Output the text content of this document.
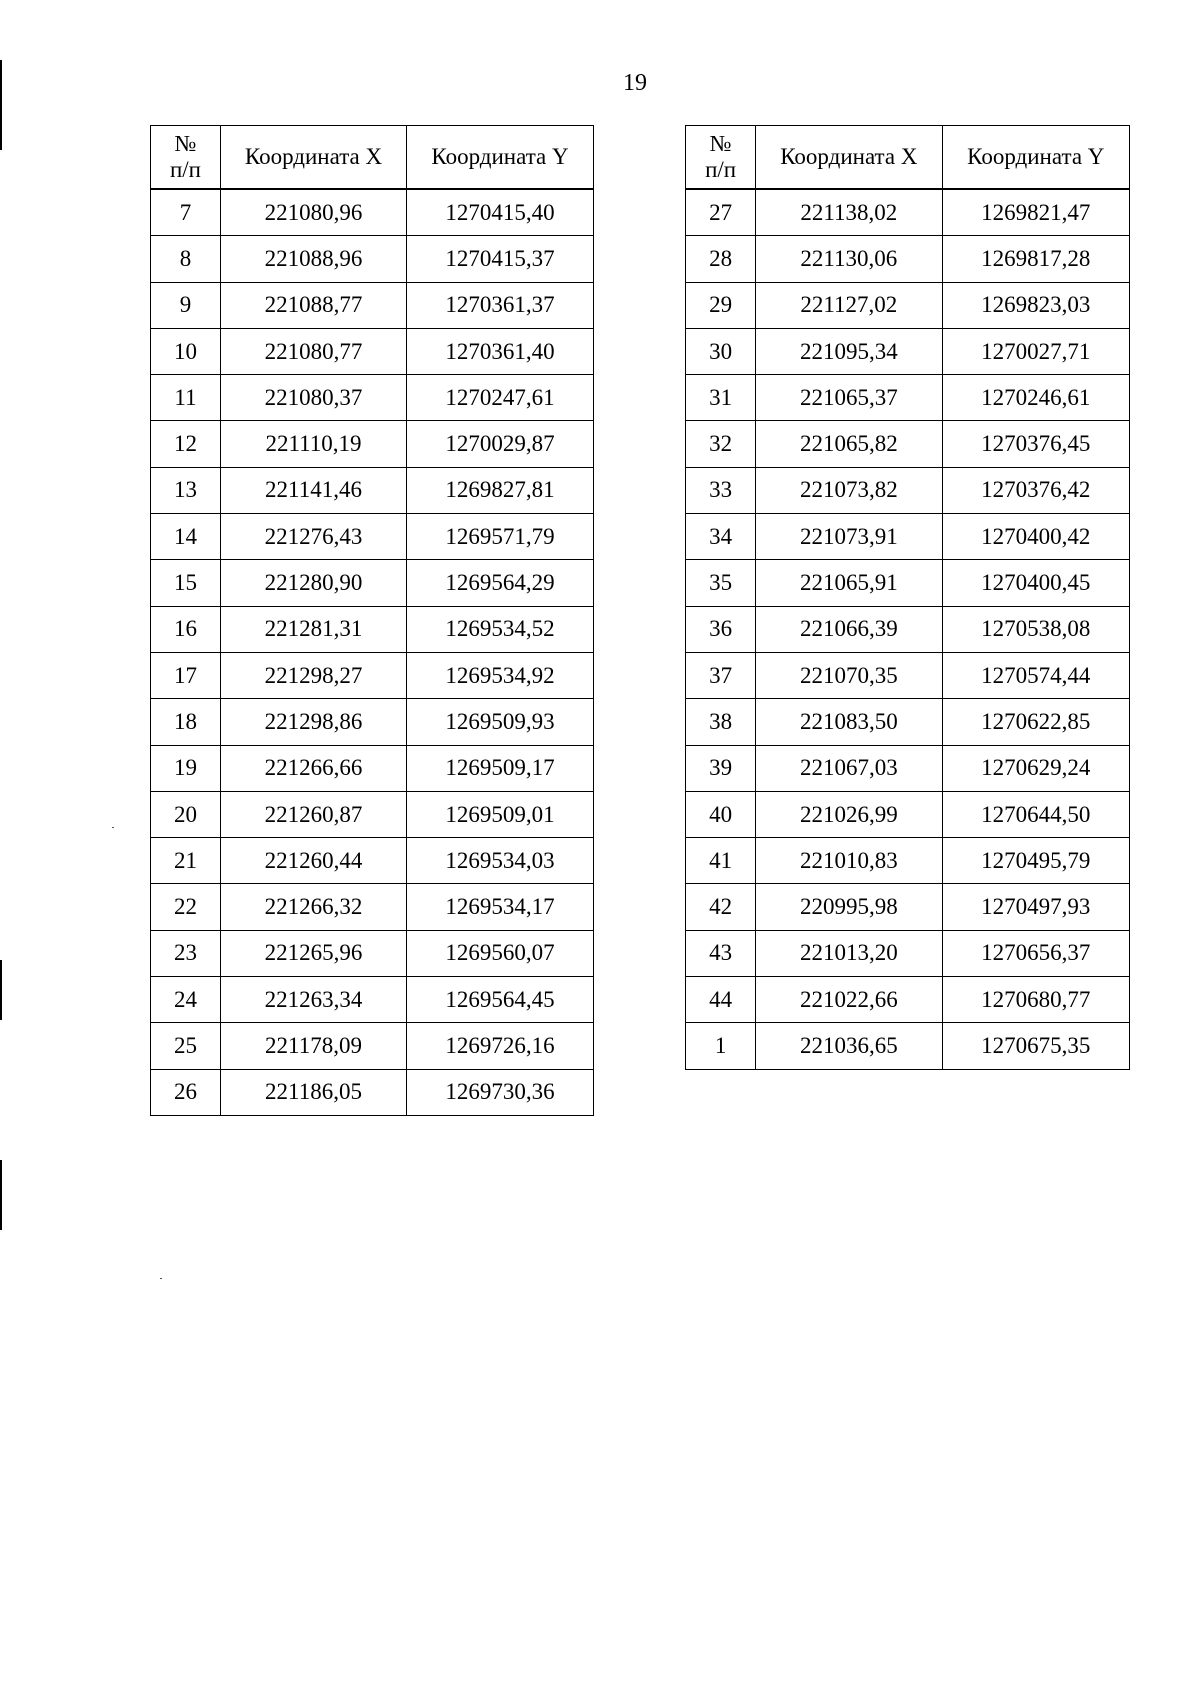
19
№
п/п	Координата X	Координата Y
7	221080,96	1270415,40
8	221088,96	1270415,37
9	221088,77	1270361,37
10	221080,77	1270361,40
11	221080,37	1270247,61
12	221110,19	1270029,87
13	221141,46	1269827,81
14	221276,43	1269571,79
15	221280,90	1269564,29
16	221281,31	1269534,52
17	221298,27	1269534,92
18	221298,86	1269509,93
19	221266,66	1269509,17
20	221260,87	1269509,01
21	221260,44	1269534,03
22	221266,32	1269534,17
23	221265,96	1269560,07
24	221263,34	1269564,45
25	221178,09	1269726,16
26	221186,05	1269730,36
№
п/п	Координата X	Координата Y
27	221138,02	1269821,47
28	221130,06	1269817,28
29	221127,02	1269823,03
30	221095,34	1270027,71
31	221065,37	1270246,61
32	221065,82	1270376,45
33	221073,82	1270376,42
34	221073,91	1270400,42
35	221065,91	1270400,45
36	221066,39	1270538,08
37	221070,35	1270574,44
38	221083,50	1270622,85
39	221067,03	1270629,24
40	221026,99	1270644,50
41	221010,83	1270495,79
42	220995,98	1270497,93
43	221013,20	1270656,37
44	221022,66	1270680,77
1	221036,65	1270675,35
